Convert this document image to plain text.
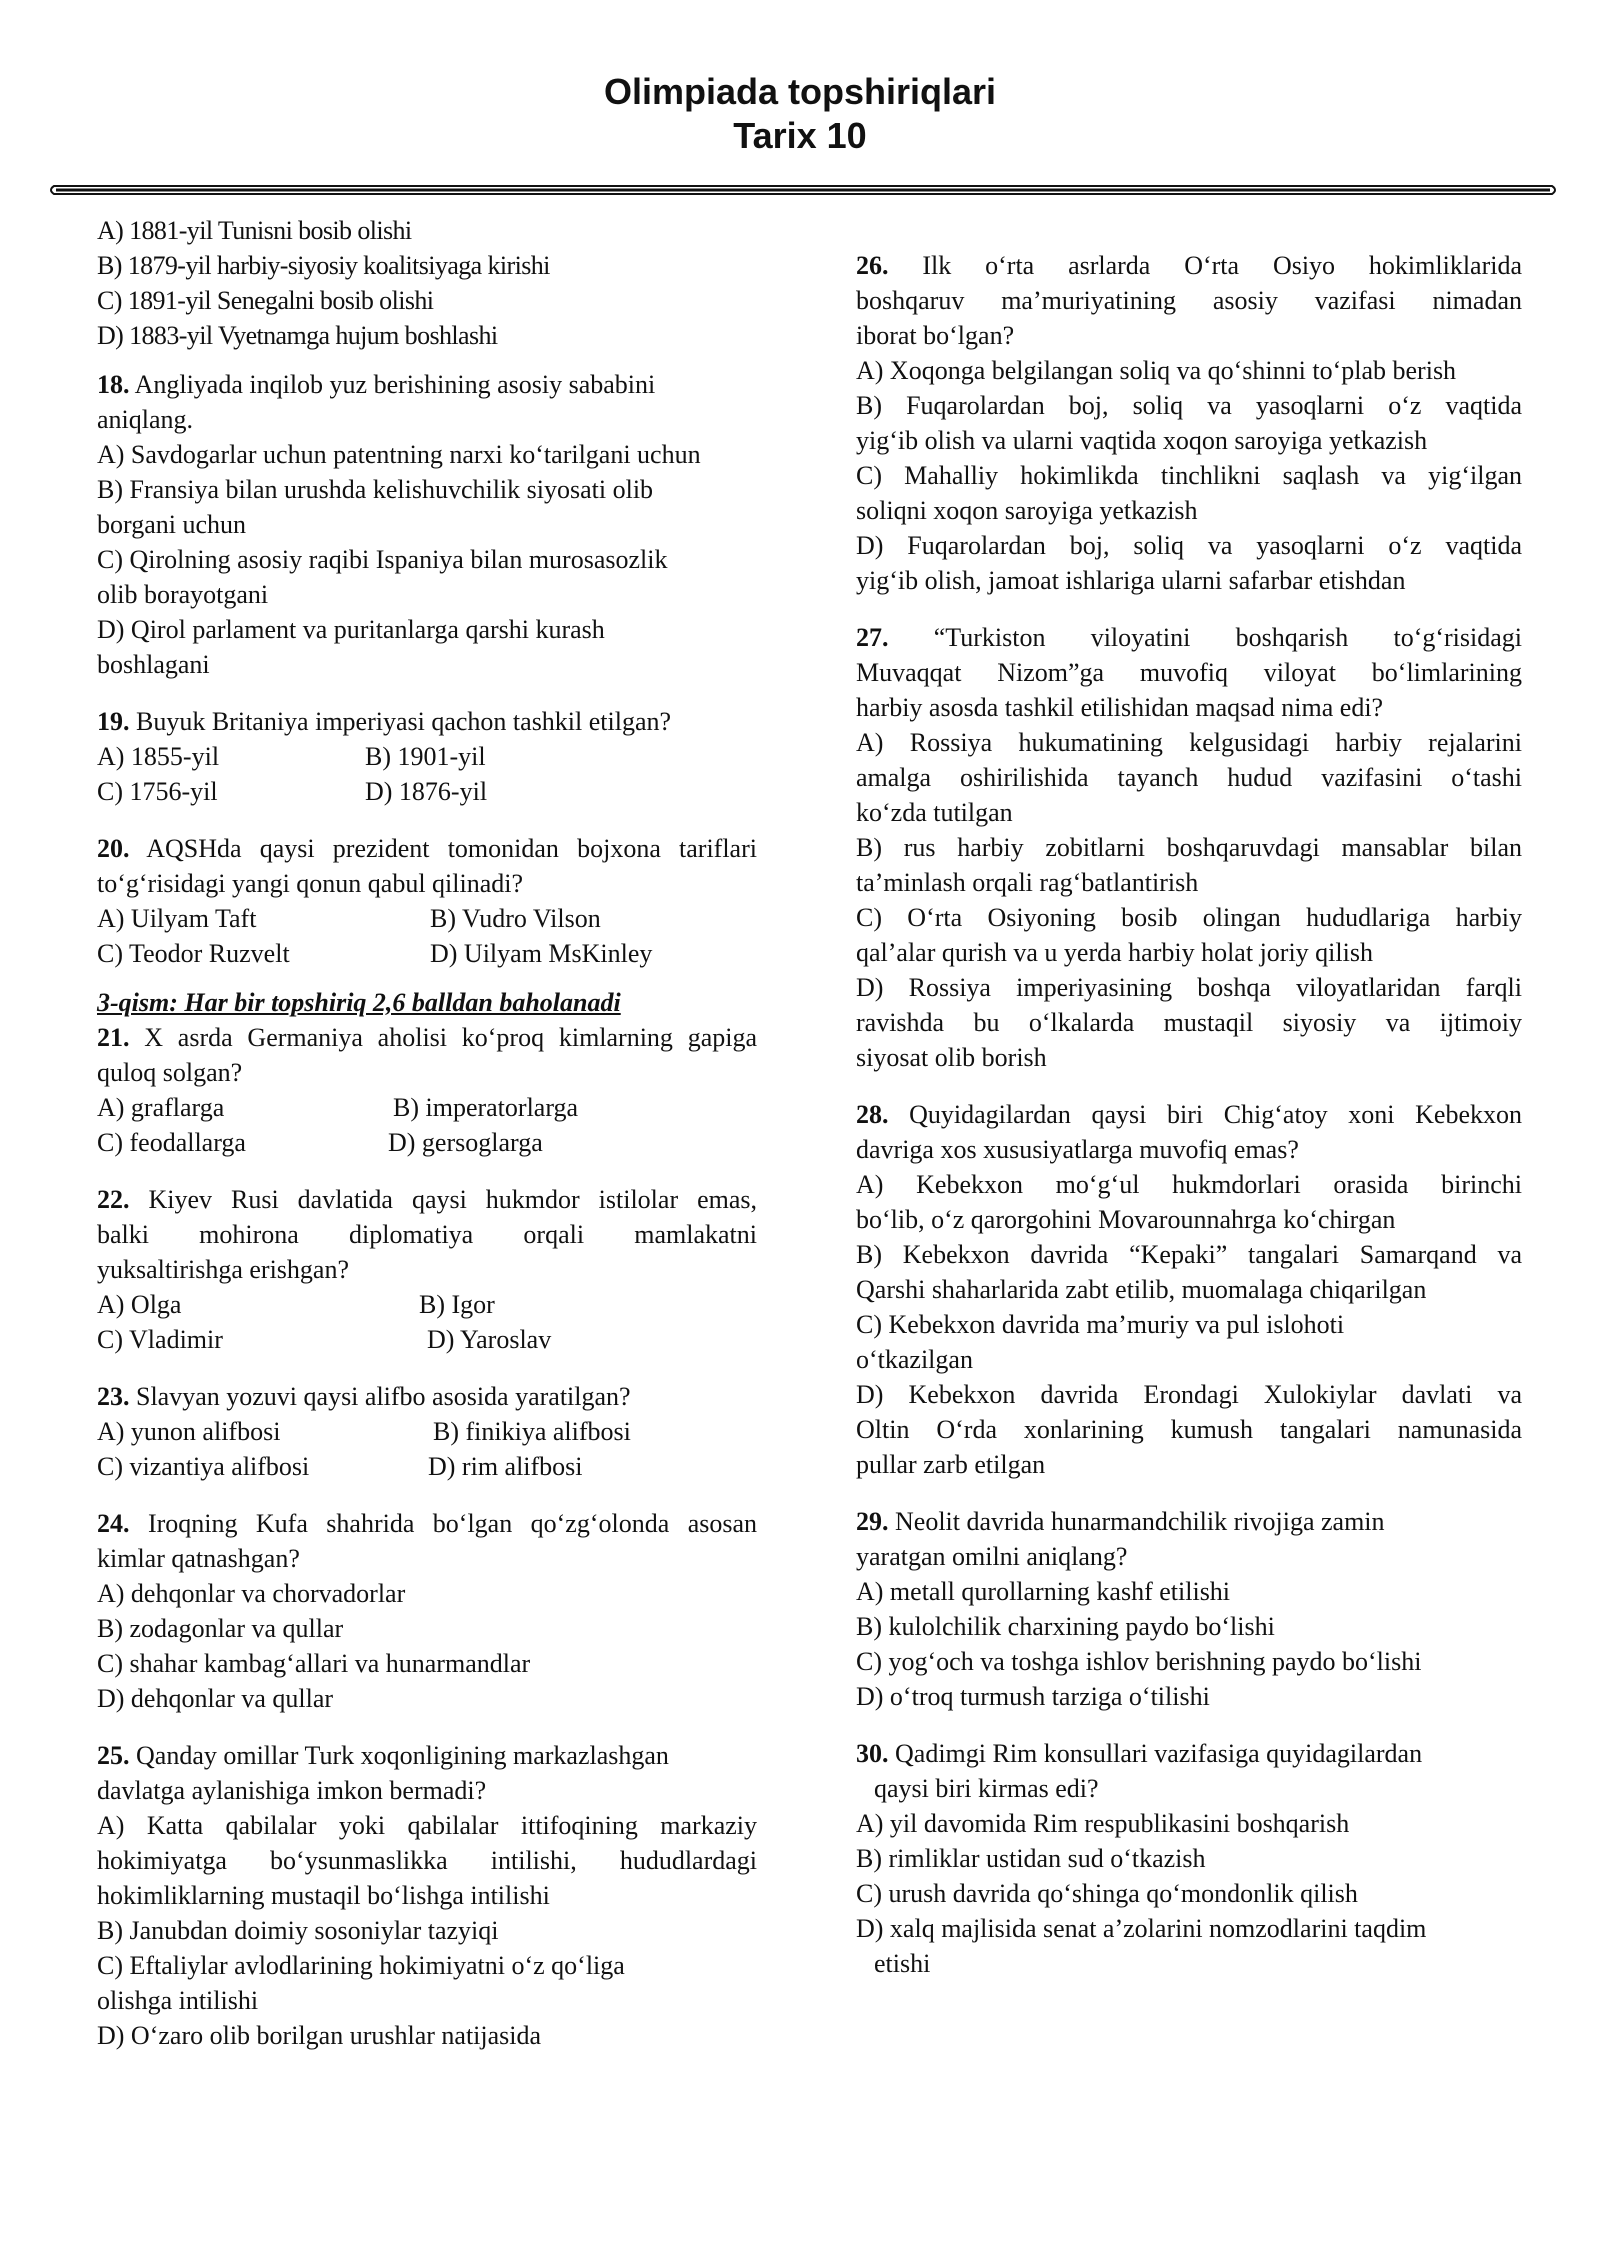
Olimpiada topshiriqlari
Tarix 10
A) 1881-yil Tunisni bosib olishi
B) 1879-yil harbiy-siyosiy koalitsiyaga kirishi
C) 1891-yil Senegalni bosib olishi
D) 1883-yil Vyetnamga hujum boshlashi
18. Angliyada inqilob yuz berishining asosiy sababini
aniqlang.
A) Savdogarlar uchun patentning narxi ko‘tarilgani uchun
B) Fransiya bilan urushda kelishuvchilik siyosati olib
borgani uchun
C) Qirolning asosiy raqibi Ispaniya bilan murosasozlik
olib borayotgani
D) Qirol parlament va puritanlarga qarshi kurash
boshlagani
19. Buyuk Britaniya imperiyasi qachon tashkil etilgan?
A) 1855-yil	B) 1901-yil
C) 1756-yil	D) 1876-yil
20. AQSHda qaysi prezident tomonidan bojxona tariflari
to‘g‘risidagi yangi qonun qabul qilinadi?
A) Uilyam Taft	B) Vudro Vilson
C) Teodor Ruzvelt	D) Uilyam MsKinley
3-qism: Har bir topshiriq 2,6 balldan baholanadi
21. X asrda Germaniya aholisi ko‘proq kimlarning gapiga
quloq solgan?
A) graflarga	B) imperatorlarga
C) feodallarga	D) gersoglarga
22. Kiyev Rusi davlatida qaysi hukmdor istilolar emas,
balki mohirona diplomatiya orqali mamlakatni
yuksaltirishga erishgan?
A) Olga	B) Igor
C) Vladimir	D) Yaroslav
23. Slavyan yozuvi qaysi alifbo asosida yaratilgan?
A) yunon alifbosi	B) finikiya alifbosi
C) vizantiya alifbosi	D) rim alifbosi
24. Iroqning Kufa shahrida bo‘lgan qo‘zg‘olonda asosan
kimlar qatnashgan?
A) dehqonlar va chorvadorlar
B) zodagonlar va qullar
C) shahar kambag‘allari va hunarmandlar
D) dehqonlar va qullar
25. Qanday omillar Turk xoqonligining markazlashgan
davlatga aylanishiga imkon bermadi?
A) Katta qabilalar yoki qabilalar ittifoqining markaziy
hokimiyatga bo‘ysunmaslikka intilishi, hududlardagi
hokimliklarning mustaqil bo‘lishga intilishi
B) Janubdan doimiy sosoniylar tazyiqi
C) Eftaliylar avlodlarining hokimiyatni o‘z qo‘liga
olishga intilishi
D) O‘zaro olib borilgan urushlar natijasida
26. Ilk o‘rta asrlarda O‘rta Osiyo hokimliklarida
boshqaruv ma’muriyatining asosiy vazifasi nimadan
iborat bo‘lgan?
A) Xoqonga belgilangan soliq va qo‘shinni to‘plab berish
B) Fuqarolardan boj, soliq va yasoqlarni o‘z vaqtida
yig‘ib olish va ularni vaqtida xoqon saroyiga yetkazish
C) Mahalliy hokimlikda tinchlikni saqlash va yig‘ilgan
soliqni xoqon saroyiga yetkazish
D) Fuqarolardan boj, soliq va yasoqlarni o‘z vaqtida
yig‘ib olish, jamoat ishlariga ularni safarbar etishdan
27. “Turkiston viloyatini boshqarish to‘g‘risidagi
Muvaqqat Nizom”ga muvofiq viloyat bo‘limlarining
harbiy asosda tashkil etilishidan maqsad nima edi?
A) Rossiya hukumatining kelgusidagi harbiy rejalarini
amalga oshirilishida tayanch hudud vazifasini o‘tashi
ko‘zda tutilgan
B) rus harbiy zobitlarni boshqaruvdagi mansablar bilan
ta’minlash orqali rag‘batlantirish
C) O‘rta Osiyoning bosib olingan hududlariga harbiy
qal’alar qurish va u yerda harbiy holat joriy qilish
D) Rossiya imperiyasining boshqa viloyatlaridan farqli
ravishda bu o‘lkalarda mustaqil siyosiy va ijtimoiy
siyosat olib borish
28. Quyidagilardan qaysi biri Chig‘atoy xoni Kebekxon
davriga xos xususiyatlarga muvofiq emas?
A) Kebekxon mo‘g‘ul hukmdorlari orasida birinchi
bo‘lib, o‘z qarorgohini Movarounnahrga ko‘chirgan
B) Kebekxon davrida “Kepaki” tangalari Samarqand va
Qarshi shaharlarida zabt etilib, muomalaga chiqarilgan
C) Kebekxon davrida ma’muriy va pul islohoti
o‘tkazilgan
D) Kebekxon davrida Erondagi Xulokiylar davlati va
Oltin O‘rda xonlarining kumush tangalari namunasida
pullar zarb etilgan
29. Neolit davrida hunarmandchilik rivojiga zamin
yaratgan omilni aniqlang?
A) metall qurollarning kashf etilishi
B) kulolchilik charxining paydo bo‘lishi
C) yog‘och va toshga ishlov berishning paydo bo‘lishi
D) o‘troq turmush tarziga o‘tilishi
30. Qadimgi Rim konsullari vazifasiga quyidagilardan
qaysi biri kirmas edi?
A) yil davomida Rim respublikasini boshqarish
B) rimliklar ustidan sud o‘tkazish
C) urush davrida qo‘shinga qo‘mondonlik qilish
D) xalq majlisida senat a’zolarini nomzodlarini taqdim
etishi
